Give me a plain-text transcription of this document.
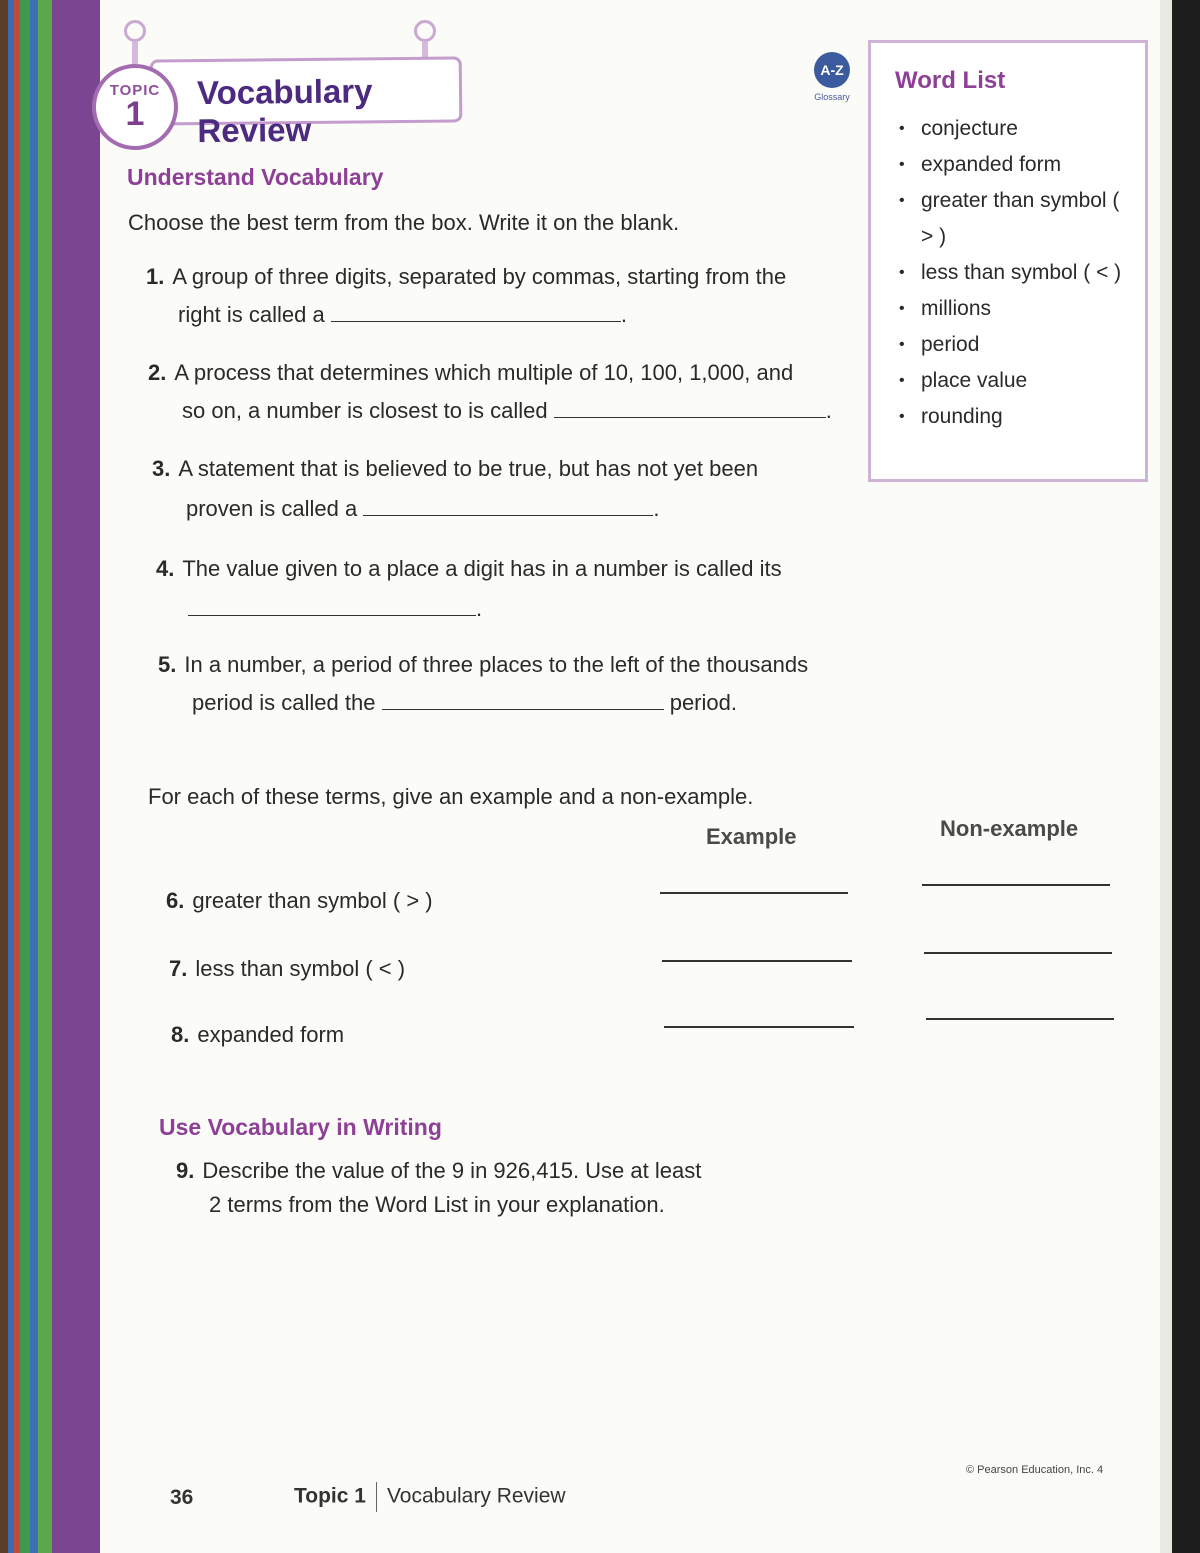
Vocabulary Review
TOPIC
1
A-Z
Glossary
Word List
• conjecture
• expanded form
• greater than symbol ( > )
• less than symbol ( < )
• millions
• period
• place value
• rounding
Understand Vocabulary
Choose the best term from the box. Write it on the blank.
1. A group of three digits, separated by commas, starting from the
right is called a	.
2. A process that determines which multiple of 10, 100, 1,000, and
so on, a number is closest to is called	.
3. A statement that is believed to be true, but has not yet been
proven is called a	.
4. The value given to a place a digit has in a number is called its
.
5. In a number, a period of three places to the left of the thousands
period is called the	period.
For each of these terms, give an example and a non-example.
Example	Non-example
6. greater than symbol ( > )
7. less than symbol ( < )
8. expanded form
Use Vocabulary in Writing
9. Describe the value of the 9 in 926,415. Use at least
2 terms from the Word List in your explanation.
36	Topic 1 Vocabulary Review
© Pearson Education, Inc. 4
